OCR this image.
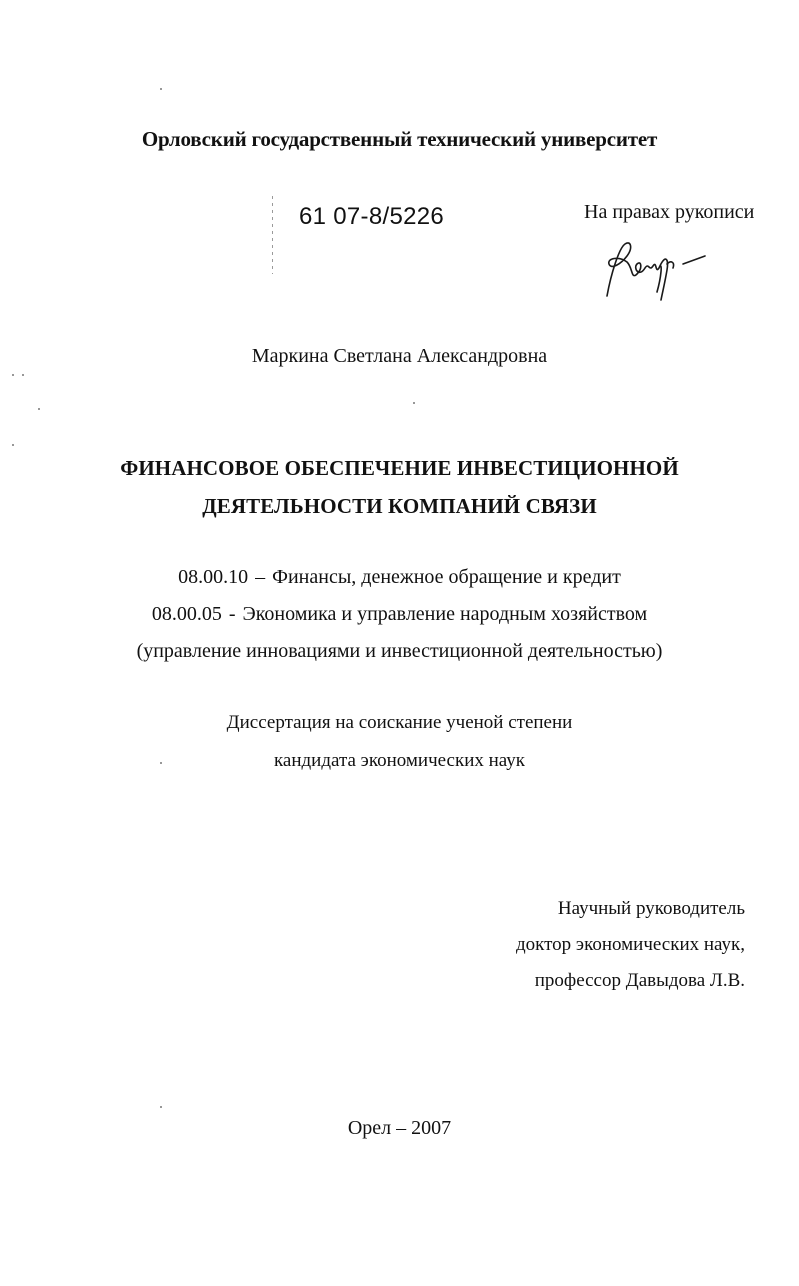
Орловский государственный технический университет
61 07-8/5226	На правах рукописи
Маркина Светлана Александровна
ФИНАНСОВОЕ ОБЕСПЕЧЕНИЕ ИНВЕСТИЦИОННОЙ
ДЕЯТЕЛЬНОСТИ КОМПАНИЙ СВЯЗИ
08.00.10 – Финансы, денежное обращение и кредит
08.00.05 - Экономика и управление народным хозяйством
(управление инновациями и инвестиционной деятельностью)
Диссертация на соискание ученой степени
кандидата экономических наук
Научный руководитель
доктор экономических наук,
профессор Давыдова Л.В.
Орел – 2007
